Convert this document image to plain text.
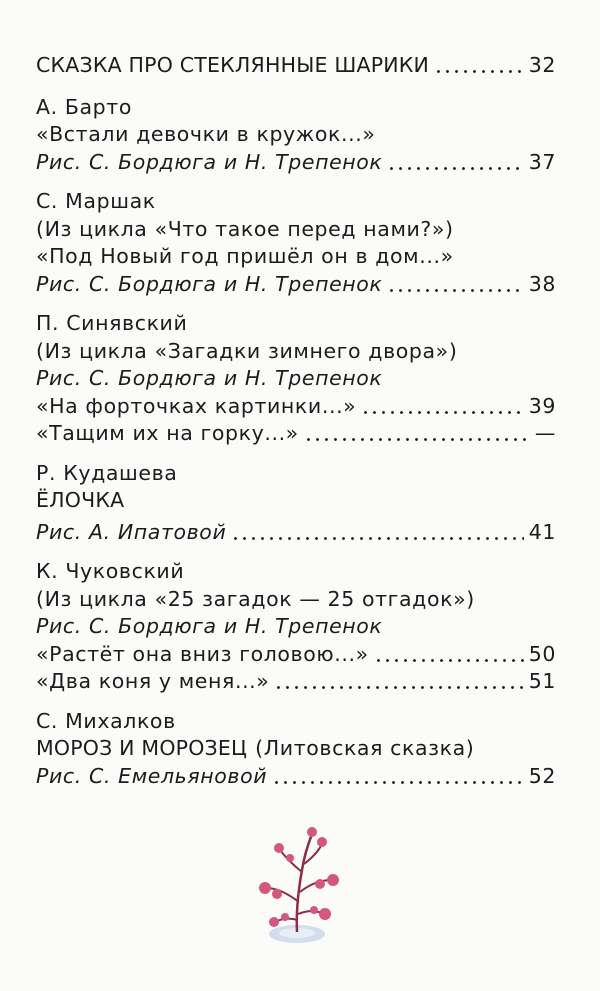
СКАЗКА ПРО СТЕКЛЯННЫЕ ШАРИКИ	32
А. Барто
«Встали девочки в кружок...»
Рис. С. Бордюга и Н. Трепенок	37
С. Маршак
(Из цикла «Что такое перед нами?»)
«Под Новый год пришёл он в дом...»
Рис. С. Бордюга и Н. Трепенок	38
П. Синявский
(Из цикла «Загадки зимнего двора»)
Рис. С. Бордюга и Н. Трепенок
«На форточках картинки...»	39
«Тащим их на горку...»	—
Р. Кудашева
ЁЛОЧКА
Рис. А. Ипатовой	41
К. Чуковский
(Из цикла «25 загадок — 25 отгадок»)
Рис. С. Бордюга и Н. Трепенок
«Растёт она вниз головою...»	50
«Два коня у меня...»	51
С. Михалков
МОРОЗ И МОРОЗЕЦ (Литовская сказка)
Рис. С. Емельяновой	52
